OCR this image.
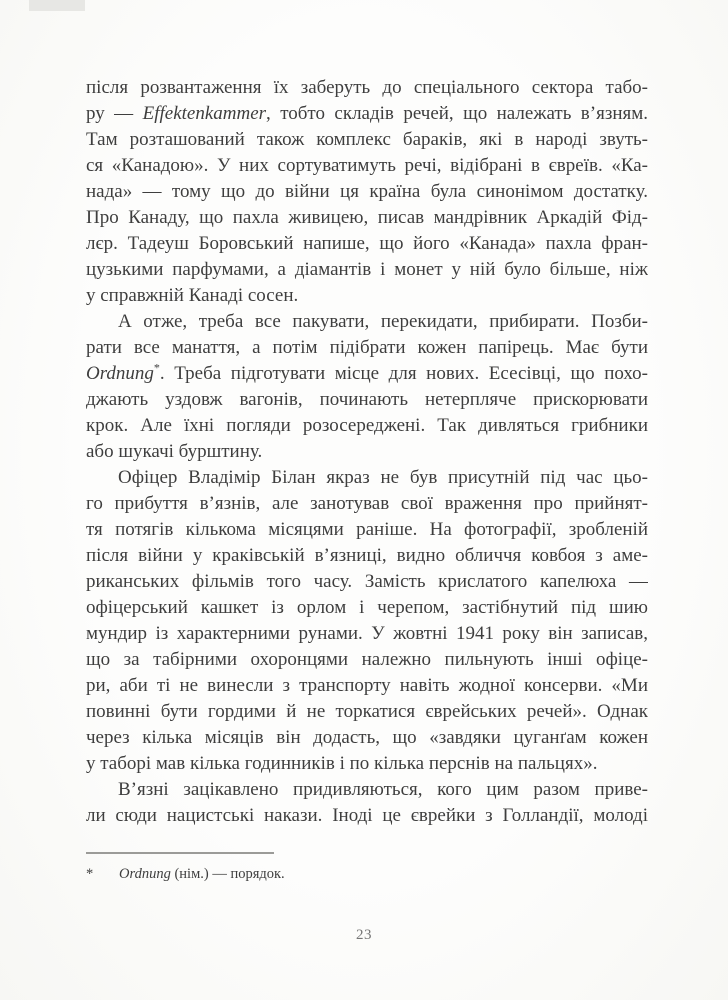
після розвантаження їх заберуть до спеціального сектора табо-
ру — Effektenkammer, тобто складів речей, що належать в’язням.
Там розташований також комплекс бараків, які в народі звуть-
ся «Канадою». У них сортуватимуть речі, відібрані в євреїв. «Ка-
нада» — тому що до війни ця країна була синонімом достатку.
Про Канаду, що пахла живицею, писав мандрівник Аркадій Фід-
лєр. Тадеуш Боровський напише, що його «Канада» пахла фран-
цузькими парфумами, а діамантів і монет у ній було більше, ніж
у справжній Канаді сосен.
А отже, треба все пакувати, перекидати, прибирати. Позби-
рати все манаття, а потім підібрати кожен папірець. Має бути
Ordnung*. Треба підготувати місце для нових. Есесівці, що похо-
джають уздовж вагонів, починають нетерпляче прискорювати
крок. Але їхні погляди розосереджені. Так дивляться грибники
або шукачі бурштину.
Офіцер Владімір Білан якраз не був присутній під час цьо-
го прибуття в’язнів, але занотував свої враження про прийнят-
тя потягів кількома місяцями раніше. На фотографії, зробленій
після війни у краківській в’язниці, видно обличчя ковбоя з аме-
риканських фільмів того часу. Замість крислатого капелюха —
офіцерський кашкет із орлом і черепом, застібнутий під шию
мундир із характерними рунами. У жовтні 1941 року він записав,
що за табірними охоронцями належно пильнують інші офіце-
ри, аби ті не винесли з транспорту навіть жодної консерви. «Ми
повинні бути гордими й не торкатися єврейських речей». Однак
через кілька місяців він додасть, що «завдяки цуганґам кожен
у таборі мав кілька годинників і по кілька перснів на пальцях».
В’язні зацікавлено придивляються, кого цим разом приве-
ли сюди нацистські накази. Іноді це єврейки з Голландії, молоді
*	Ordnung (нім.) — порядок.
23
